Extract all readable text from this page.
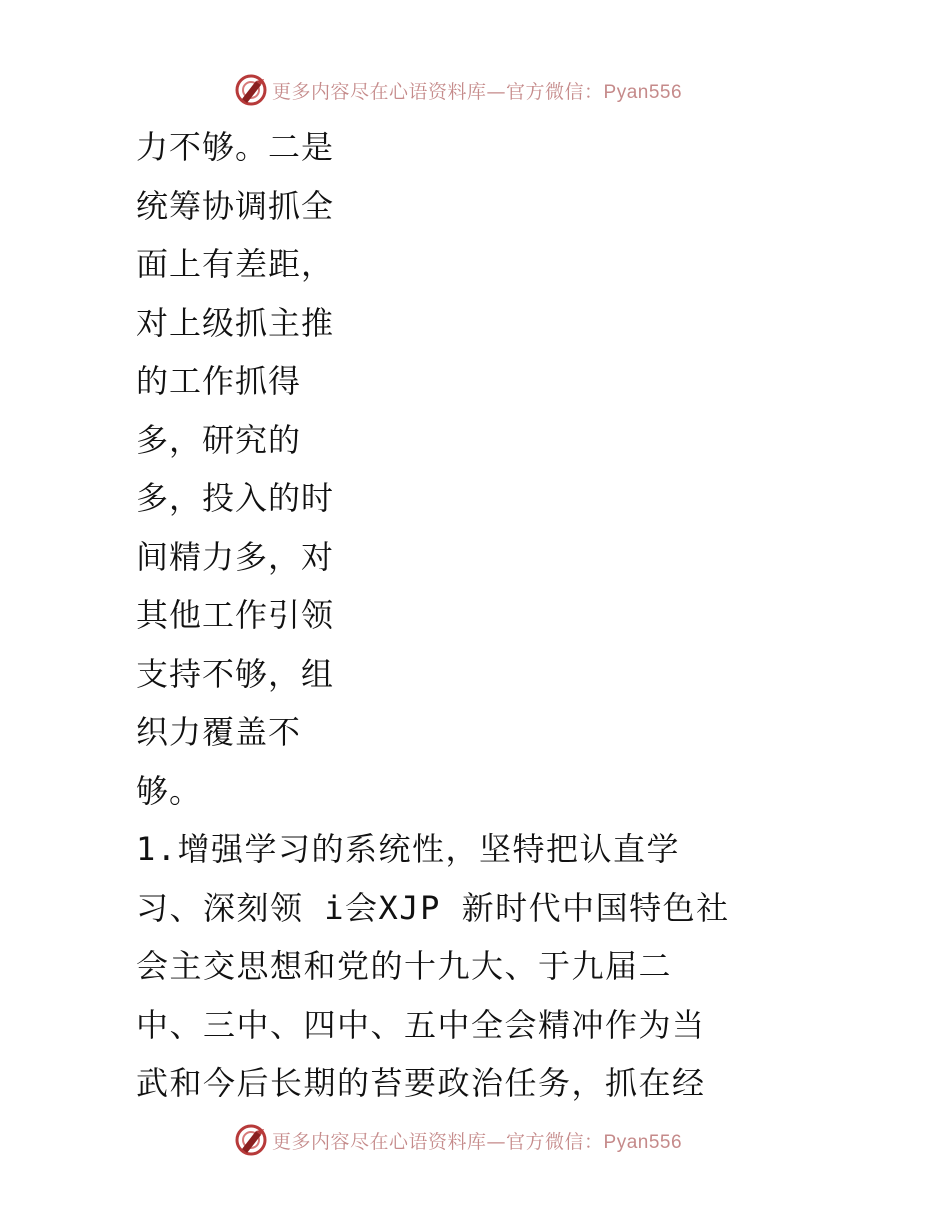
更多内容尽在心语资料库—官方微信：Pyan556
力不够。二是
统筹协调抓全
面上有差距，
对上级抓主推
的工作抓得
多，研究的
多，投入的时
间精力多，对
其他工作引领
支持不够，组
织力覆盖不
够。
1.增强学习的系统性，坚特把认直学
习、深刻领 i会XJP 新时代中国特色社
会主交思想和党的十九大、于九届二
中、三中、四中、五中全会精冲作为当
武和今后长期的苔要政治任务，抓在经
更多内容尽在心语资料库—官方微信：Pyan556
